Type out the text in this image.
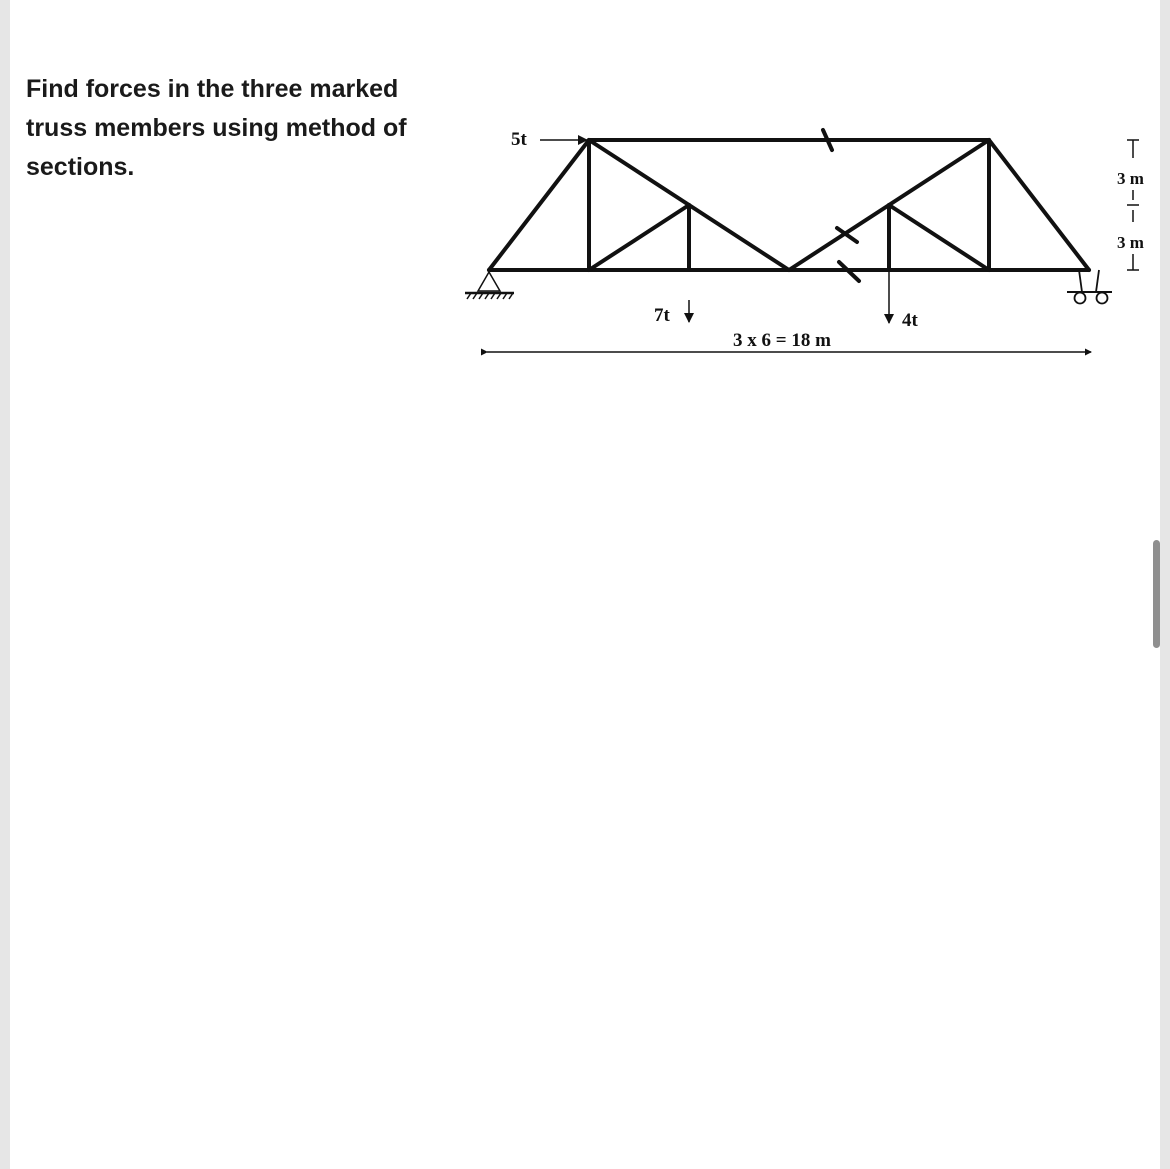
Find forces in the three marked
truss members using method of
sections.
5t
7t	4t
3 x 6 = 18 m
3 m
3 m
